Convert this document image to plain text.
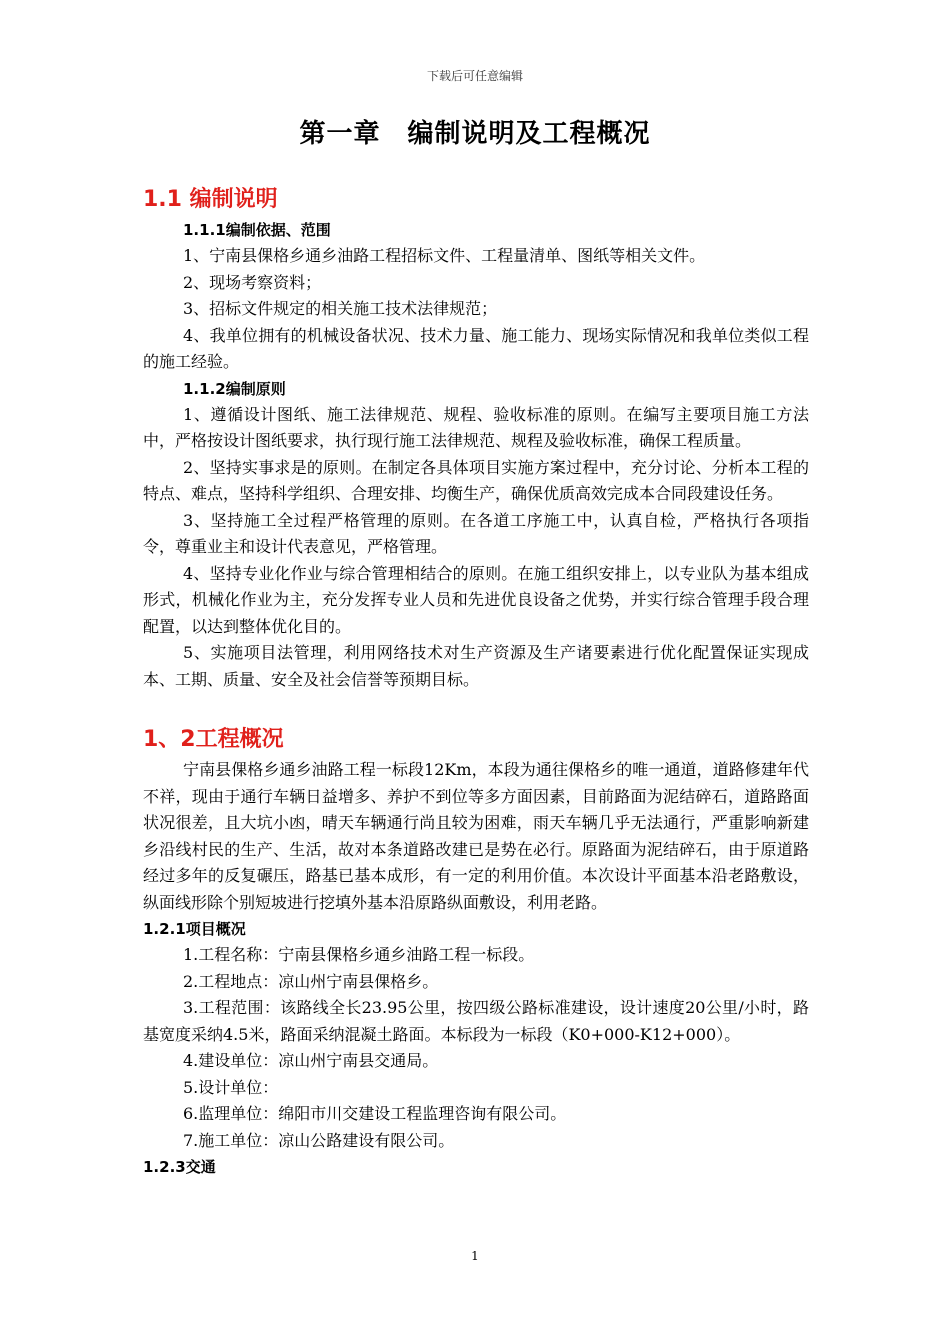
下载后可任意编辑
第一章　编制说明及工程概况
1.1 编制说明
1.1.1编制依据、范围

1、宁南县倮格乡通乡油路工程招标文件、工程量清单、图纸等相关文件。

2、现场考察资料；

3、招标文件规定的相关施工技术法律规范；

4、我单位拥有的机械设备状况、技术力量、施工能力、现场实际情况和我单位类似工程的施工经验。

1.1.2编制原则

1、遵循设计图纸、施工法律规范、规程、验收标准的原则。在编写主要项目施工方法中，严格按设计图纸要求，执行现行施工法律规范、规程及验收标准，确保工程质量。

2、坚持实事求是的原则。在制定各具体项目实施方案过程中，充分讨论、分析本工程的特点、难点，坚持科学组织、合理安排、均衡生产，确保优质高效完成本合同段建设任务。

3、坚持施工全过程严格管理的原则。在各道工序施工中，认真自检，严格执行各项指令，尊重业主和设计代表意见，严格管理。

4、坚持专业化作业与综合管理相结合的原则。在施工组织安排上，以专业队为基本组成形式，机械化作业为主，充分发挥专业人员和先进优良设备之优势，并实行综合管理手段合理配置，以达到整体优化目的。

5、实施项目法管理，利用网络技术对生产资源及生产诸要素进行优化配置保证实现成本、工期、质量、安全及社会信誉等预期目标。

1、2工程概况

宁南县倮格乡通乡油路工程一标段12Km，本段为通往倮格乡的唯一通道，道路修建年代不祥，现由于通行车辆日益增多、养护不到位等多方面因素，目前路面为泥结碎石，道路路面状况很差，且大坑小凼，晴天车辆通行尚且较为困难，雨天车辆几乎无法通行，严重影响新建乡沿线村民的生产、生活，故对本条道路改建已是势在必行。原路面为泥结碎石，由于原道路经过多年的反复碾压，路基已基本成形，有一定的利用价值。本次设计平面基本沿老路敷设，纵面线形除个别短坡进行挖填外基本沿原路纵面敷设，利用老路。

1.2.1项目概况

1.工程名称：宁南县倮格乡通乡油路工程一标段。

2.工程地点：凉山州宁南县倮格乡。

3.工程范围：该路线全长23.95公里，按四级公路标准建设，设计速度20公里/小时，路基宽度采纳4.5米，路面采纳混凝土路面。本标段为一标段（K0+000-K12+000）。

4.建设单位：凉山州宁南县交通局。

5.设计单位：

6.监理单位：绵阳市川交建设工程监理咨询有限公司。

7.施工单位：凉山公路建设有限公司。

1.2.3交通
1
